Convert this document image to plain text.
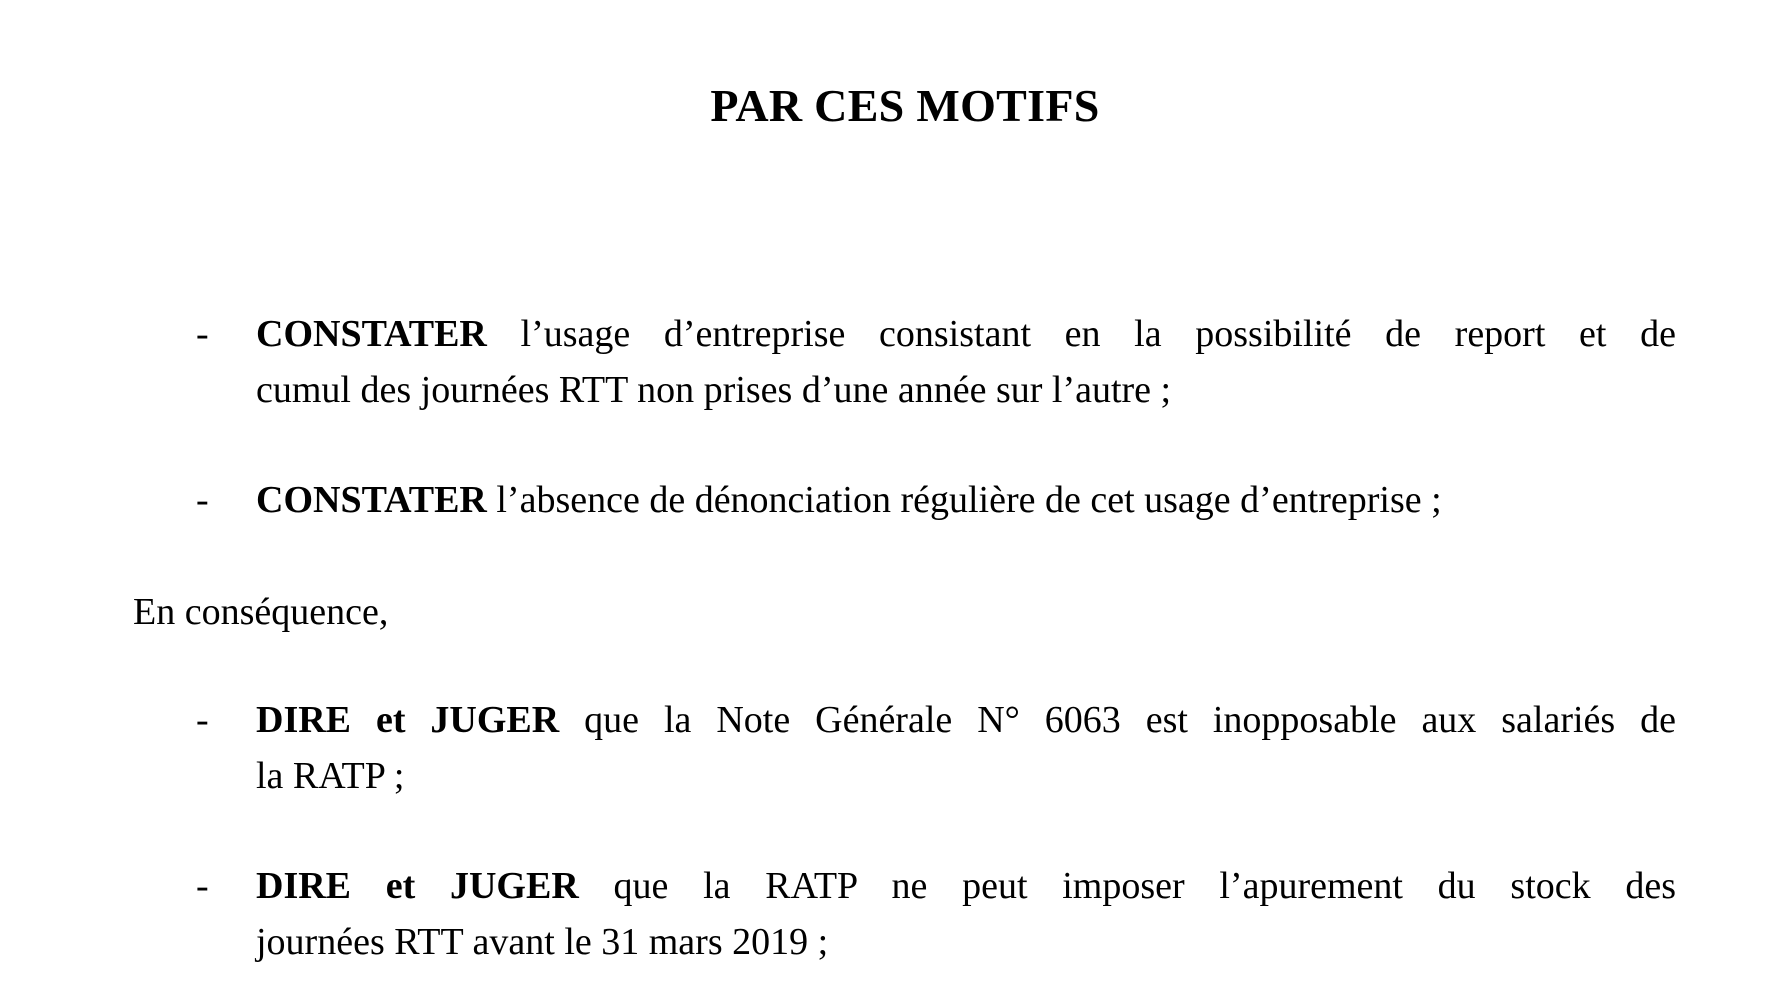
PAR CES MOTIFS
-	CONSTATER l’usage d’entreprise consistant en la possibilité de report et de
cumul des journées RTT non prises d’une année sur l’autre ;
-	CONSTATER l’absence de dénonciation régulière de cet usage d’entreprise ;
En conséquence,
-	DIRE et JUGER que la Note Générale N° 6063 est inopposable aux salariés de
la RATP ;
-	DIRE et JUGER que la RATP ne peut imposer l’apurement du stock des
journées RTT avant le 31 mars 2019 ;
